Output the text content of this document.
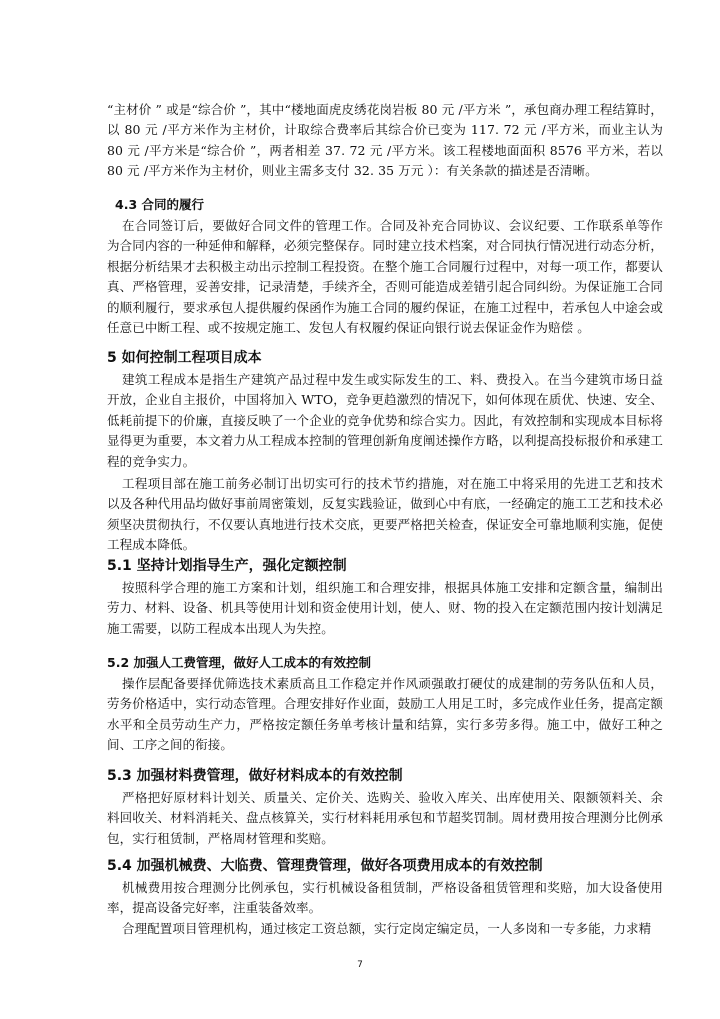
“主材价 ” 或是“综合价 ”，其中“楼地面虎皮绣花岗岩板 80 元 /平方米 ”，承包商办理工程结算时，以 80 元 /平方米作为主材价，计取综合费率后其综合价已变为 117. 72 元 /平方米，而业主认为 80 元 /平方米是“综合价 ”，两者相差 37. 72 元 /平方米。该工程楼地面面积 8576 平方米，若以 80 元 /平方米作为主材价，则业主需多支付 32. 35 万元 ）：有关条款的描述是否清晰。

4.3 合同的履行

在合同签订后，要做好合同文件的管理工作。合同及补充合同协议、会议纪要、工作联系单等作为合同内容的一种延伸和解释，必须完整保存。同时建立技术档案，对合同执行情况进行动态分析，根据分析结果才去积极主动出示控制工程投资。在整个施工合同履行过程中，对每一项工作，都要认真、严格管理，妥善安排，记录清楚，手续齐全，否则可能造成差错引起合同纠纷。为保证施工合同的顺利履行，要求承包人提供履约保函作为施工合同的履约保证，在施工过程中，若承包人中途会或任意已中断工程、或不按规定施工、发包人有权履约保证向银行说去保证金作为赔偿 。

5 如何控制工程项目成本

建筑工程成本是指生产建筑产品过程中发生或实际发生的工、料、费投入。在当今建筑市场日益开放，企业自主报价，中国将加入 WTO，竞争更趋激烈的情况下，如何体现在质优、快速、安全、低耗前提下的价廉，直接反映了一个企业的竞争优势和综合实力。因此，有效控制和实现成本目标将显得更为重要，本文着力从工程成本控制的管理创新角度阐述操作方略，以利提高投标报价和承建工程的竞争实力。

工程项目部在施工前务必制订出切实可行的技术节约措施，对在施工中将采用的先进工艺和技术以及各种代用品均做好事前周密策划，反复实践验证，做到心中有底，一经确定的施工工艺和技术必须坚决贯彻执行，不仅要认真地进行技术交底，更要严格把关检查，保证安全可靠地顺利实施，促使工程成本降低。

5.1 坚持计划指导生产，强化定额控制

按照科学合理的施工方案和计划，组织施工和合理安排，根据具体施工安排和定额含量，编制出劳力、材料、设备、机具等使用计划和资金使用计划，使人、财、物的投入在定额范围内按计划满足施工需要，以防工程成本出现人为失控。

5.2 加强人工费管理，做好人工成本的有效控制

操作层配备要择优筛选技术素质高且工作稳定并作风顽强敢打硬仗的成建制的劳务队伍和人员，劳务价格适中，实行动态管理。合理安排好作业面，鼓励工人用足工时，多完成作业任务，提高定额水平和全员劳动生产力，严格按定额任务单考核计量和结算，实行多劳多得。施工中，做好工种之间、工序之间的衔接。

5.3 加强材料费管理，做好材料成本的有效控制

严格把好原材料计划关、质量关、定价关、选购关、验收入库关、出库使用关、限额领料关、余料回收关、材料消耗关、盘点核算关，实行材料耗用承包和节超奖罚制。周材费用按合理测分比例承包，实行租赁制，严格周材管理和奖赔。

5.4 加强机械费、大临费、管理费管理，做好各项费用成本的有效控制

机械费用按合理测分比例承包，实行机械设备租赁制，严格设备租赁管理和奖赔，加大设备使用率，提高设备完好率，注重装备效率。

合理配置项目管理机构，通过核定工资总额，实行定岗定编定员，一人多岗和一专多能，力求精

7
